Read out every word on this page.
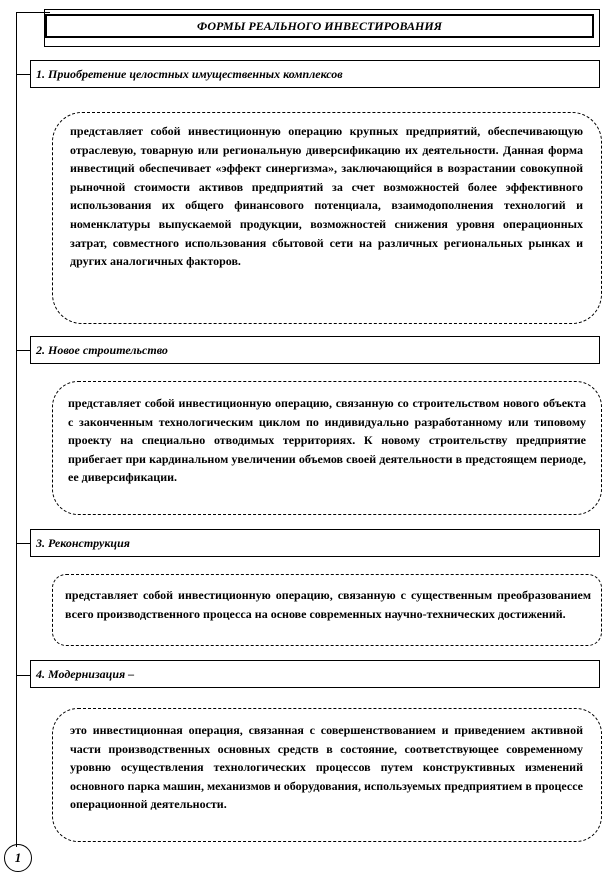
ФОРМЫ РЕАЛЬНОГО ИНВЕСТИРОВАНИЯ
1. Приобретение целостных имущественных комплексов
представляет собой инвестиционную операцию крупных предприятий, обеспечивающую отраслевую, товарную или региональную диверсификацию их деятельности. Данная форма инвестиций обеспечивает «эффект синергизма», заключающийся в возрастании совокупной рыночной стоимости активов предприятий за счет возможностей более эффективного использования их общего финансового потенциала, взаимодополнения технологий и номенклатуры выпускаемой продукции, возможностей снижения уровня операционных затрат, совместного использования сбытовой сети на различных региональных рынках и других аналогичных факторов.
2. Новое строительство
представляет собой инвестиционную операцию, связанную со строительством нового объекта с законченным технологическим циклом по индивидуально разработанному или типовому проекту на специально отводимых территориях. К новому строительству предприятие прибегает при кардинальном увеличении объемов своей деятельности в предстоящем периоде, ее диверсификации.
3. Реконструкция
представляет собой инвестиционную операцию, связанную с существенным преобразованием всего производственного процесса на основе современных научно-технических достижений.
4. Модернизация –
это инвестиционная операция, связанная с совершенствованием и приведением активной части производственных основных средств в состояние, соответствующее современному уровню осуществления технологических процессов путем конструктивных изменений основного парка машин, механизмов и оборудования, используемых предприятием в процессе операционной деятельности.
1
